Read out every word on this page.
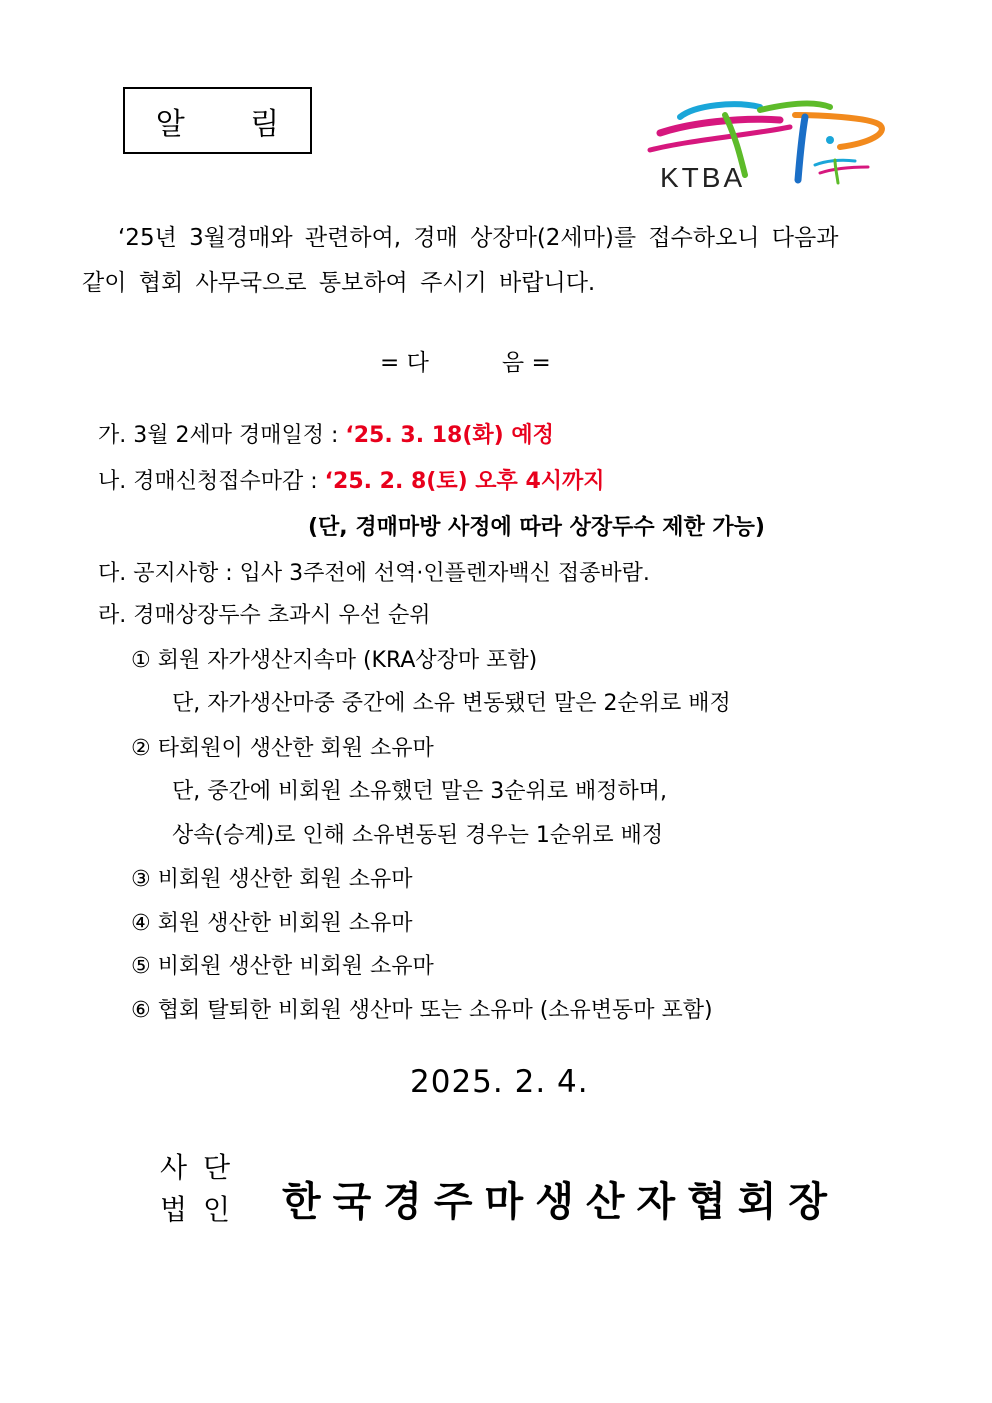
알 림
KTBA
‘25년 3월경매와 관련하여, 경매 상장마(2세마)를 접수하오니 다음과
같이 협회 사무국으로 통보하여 주시기 바랍니다.
= 다          음 =
가. 3월 2세마 경매일정 : ‘25. 3. 18(화) 예정
나. 경매신청접수마감 : ‘25. 2. 8(토) 오후 4시까지
(단, 경매마방 사정에 따라 상장두수 제한 가능)
다. 공지사항 : 입사 3주전에 선역·인플렌자백신 접종바람.
라. 경매상장두수 초과시 우선 순위
① 회원 자가생산지속마 (KRA상장마 포함)
단, 자가생산마중 중간에 소유 변동됐던 말은 2순위로 배정
② 타회원이 생산한 회원 소유마
단, 중간에 비회원 소유했던 말은 3순위로 배정하며,
상속(승계)로 인해 소유변동된 경우는 1순위로 배정
③ 비회원 생산한 회원 소유마
④ 회원 생산한 비회원 소유마
⑤ 비회원 생산한 비회원 소유마
⑥ 협회 탈퇴한 비회원 생산마 또는 소유마 (소유변동마 포함)
2025. 2. 4.
사단
법인 한국경주마생산자협회장
